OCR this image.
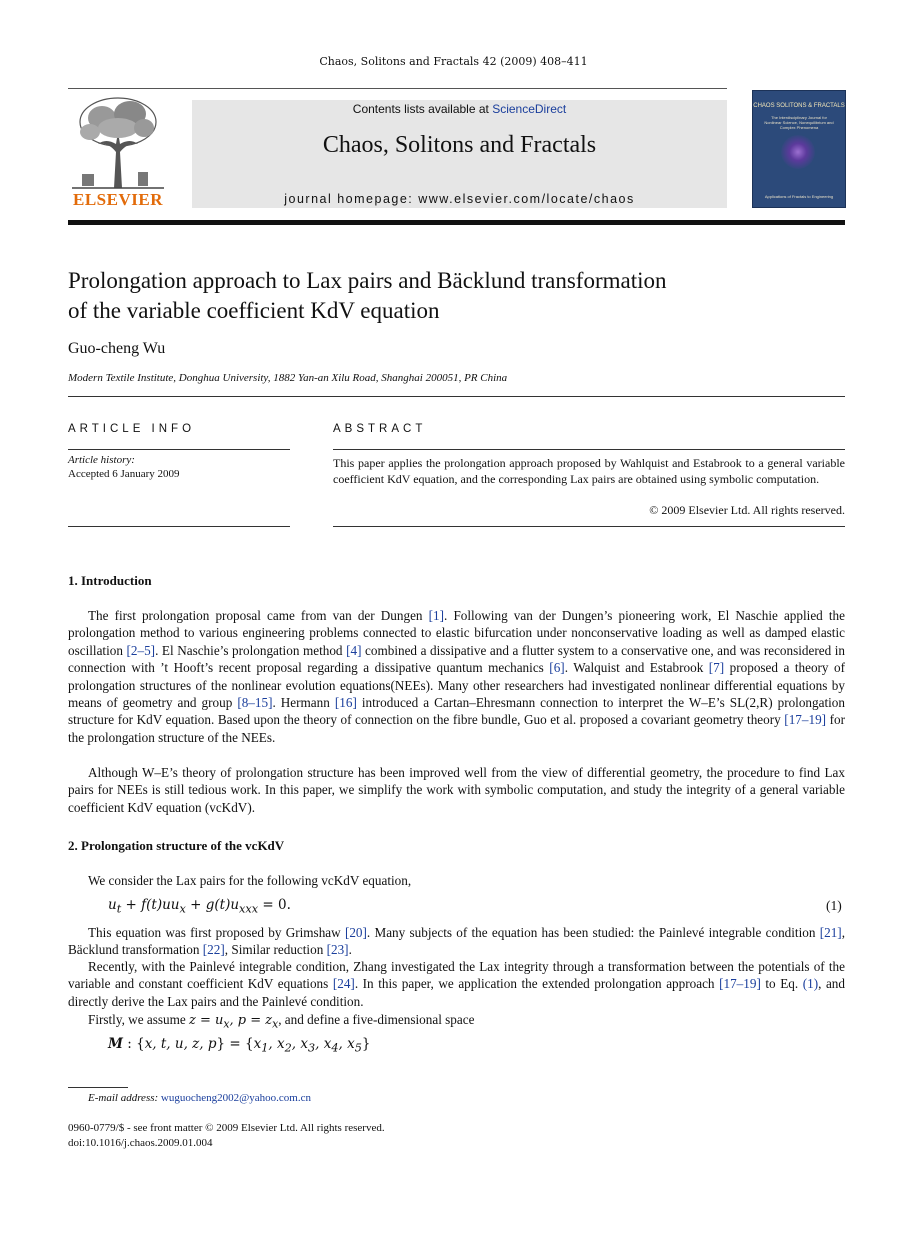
Chaos, Solitons and Fractals 42 (2009) 408–411
ELSEVIER
Contents lists available at ScienceDirect
Chaos, Solitons and Fractals
journal homepage: www.elsevier.com/locate/chaos
CHAOS SOLITONS & FRACTALS
The Interdisciplinary Journal for Nonlinear Science, Nonequilibrium and Complex Phenomena
Applications of Fractals to Engineering
Prolongation approach to Lax pairs and Bäcklund transformation
of the variable coefficient KdV equation
Guo-cheng Wu
Modern Textile Institute, Donghua University, 1882 Yan-an Xilu Road, Shanghai 200051, PR China
ARTICLE INFO
Article history:
Accepted 6 January 2009
ABSTRACT
This paper applies the prolongation approach proposed by Wahlquist and Estabrook to a general variable coefficient KdV equation, and the corresponding Lax pairs are obtained using symbolic computation.
© 2009 Elsevier Ltd. All rights reserved.
1. Introduction
The first prolongation proposal came from van der Dungen [1]. Following van der Dungen’s pioneering work, El Naschie applied the prolongation method to various engineering problems connected to elastic bifurcation under nonconservative loading as well as damped elastic oscillation [2–5]. El Naschie’s prolongation method [4] combined a dissipative and a flutter system to a conservative one, and was reconsidered in connection with ’t Hooft’s recent proposal regarding a dissipative quantum mechanics [6]. Walquist and Estabrook [7] proposed a theory of prolongation structures of the nonlinear evolution equations(NEEs). Many other researchers had investigated nonlinear differential equations by means of geometry and group [8–15]. Hermann [16] introduced a Cartan–Ehresmann connection to interpret the W–E’s SL(2,R) prolongation structure for KdV equation. Based upon the theory of connection on the fibre bundle, Guo et al. proposed a covariant geometry theory [17–19] for the prolongation structure of the NEEs.
Although W–E’s theory of prolongation structure has been improved well from the view of differential geometry, the procedure to find Lax pairs for NEEs is still tedious work. In this paper, we simplify the work with symbolic computation, and study the integrity of a general variable coefficient KdV equation (vcKdV).
2. Prolongation structure of the vcKdV
We consider the Lax pairs for the following vcKdV equation,
$u_t + f(t)uu_x + g(t)u_{xxx} = 0$.	(1)
This equation was first proposed by Grimshaw [20]. Many subjects of the equation has been studied: the Painlevé integrable condition [21], Bäcklund transformation [22], Similar reduction [23].
Recently, with the Painlevé integrable condition, Zhang investigated the Lax integrity through a transformation between the potentials of the variable and constant coefficient KdV equations [24]. In this paper, we application the extended prolongation approach [17–19] to Eq. (1), and directly derive the Lax pairs and the Painlevé condition.
Firstly, we assume $z = u_x$, $p = z_x$, and define a five-dimensional space
M : {x, t, u, z, $p\} = \{x_1$, $x_2$, $x_3$, $x_4$, $x_5$}
E-mail address: wuguocheng2002@yahoo.com.cn
0960-0779/$ - see front matter © 2009 Elsevier Ltd. All rights reserved.
doi:10.1016/j.chaos.2009.01.004
